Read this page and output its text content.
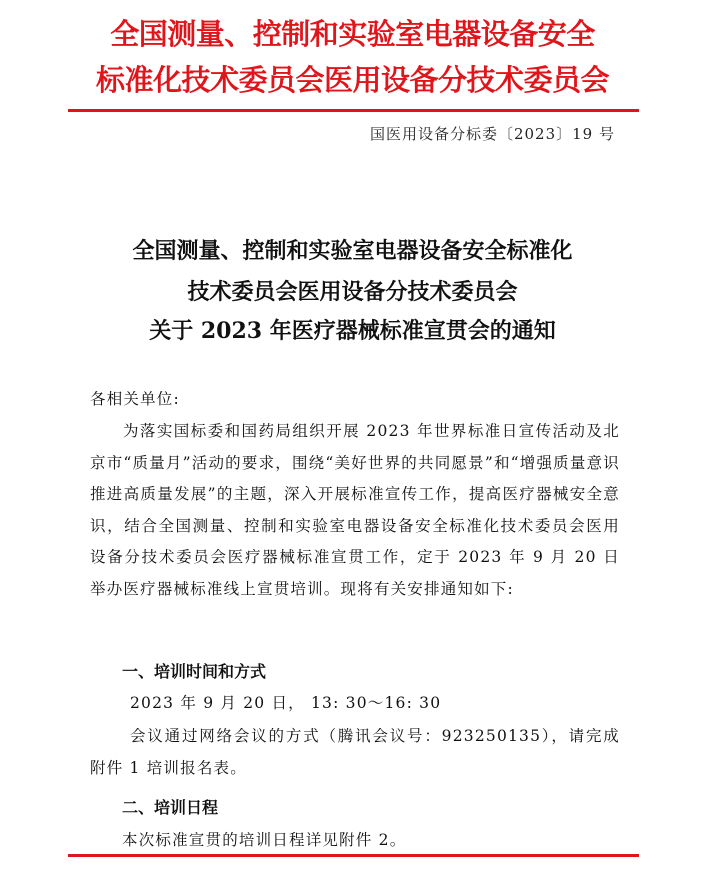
全国测量、控制和实验室电器设备安全
标准化技术委员会医用设备分技术委员会
国医用设备分标委〔2023〕19 号
全国测量、控制和实验室电器设备安全标准化
技术委员会医用设备分技术委员会
关于 2023 年医疗器械标准宣贯会的通知
各相关单位:
为落实国标委和国药局组织开展 2023 年世界标准日宣传活动及北京市“质量月”活动的要求，围绕“美好世界的共同愿景”和“增强质量意识 推进高质量发展”的主题，深入开展标准宣传工作，提高医疗器械安全意识，结合全国测量、控制和实验室电器设备安全标准化技术委员会医用设备分技术委员会医疗器械标准宣贯工作，定于 2023 年 9 月 20 日举办医疗器械标准线上宣贯培训。现将有关安排通知如下:
一、培训时间和方式
2023 年 9 月 20 日， 13: 30～16: 30
会议通过网络会议的方式（腾讯会议号：923250135），请完成附件 1 培训报名表。
二、培训日程
本次标准宣贯的培训日程详见附件 2。
